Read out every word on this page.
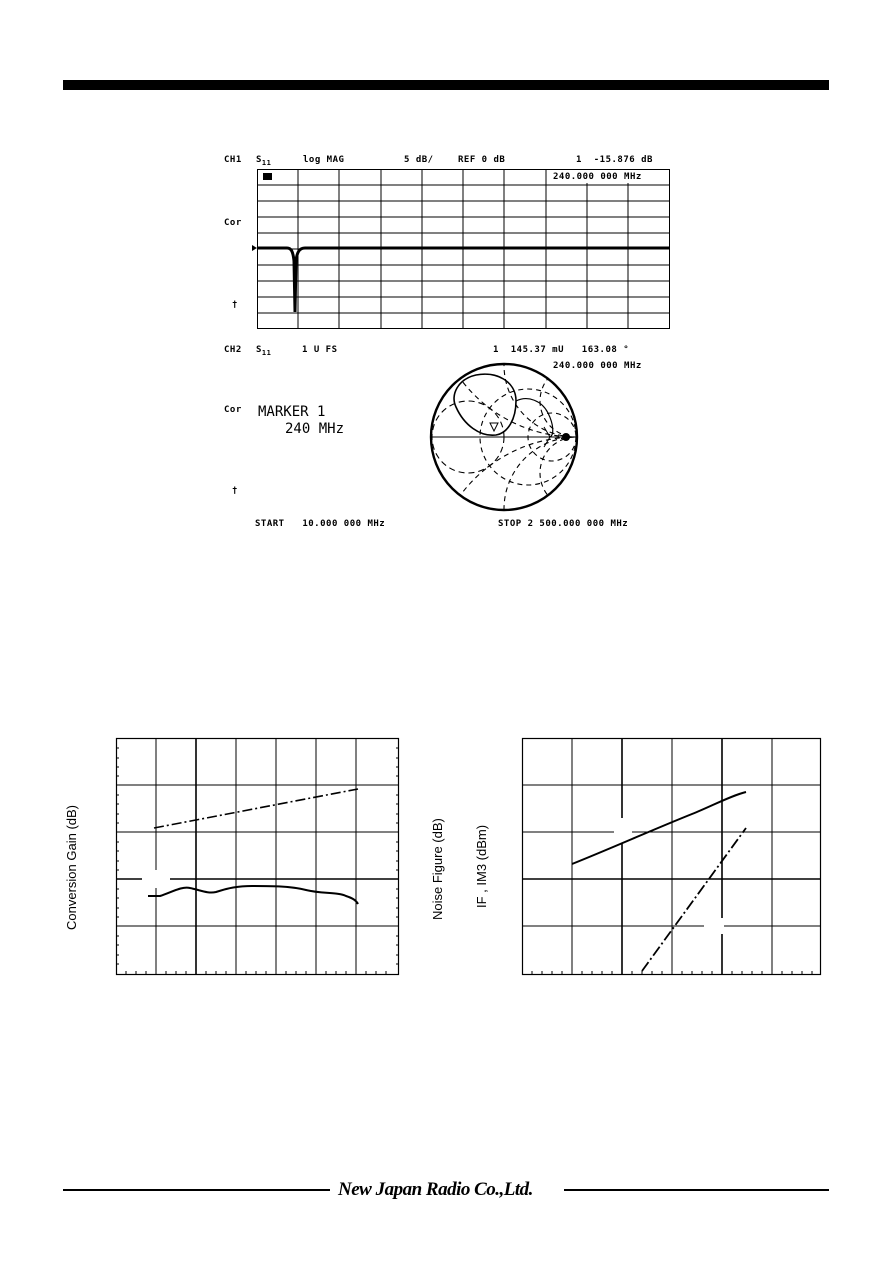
CH1	$S_{11}$	log MAG	5 dB/	REF 0 dB	1  -15.876 dB
Cor
†
240.000 000 MHz
CH2 $S_{11}$	1 U FS	1  145.37 mU   163.08 °
240.000 000 MHz
Cor
†
MARKER 1
240 MHz
START   10.000 000 MHz	STOP 2 500.000 000 MHz
Conversion Gain (dB)	Noise Figure (dB) IF , IM3 (dBm)
New Japan Radio Co.,Ltd.
